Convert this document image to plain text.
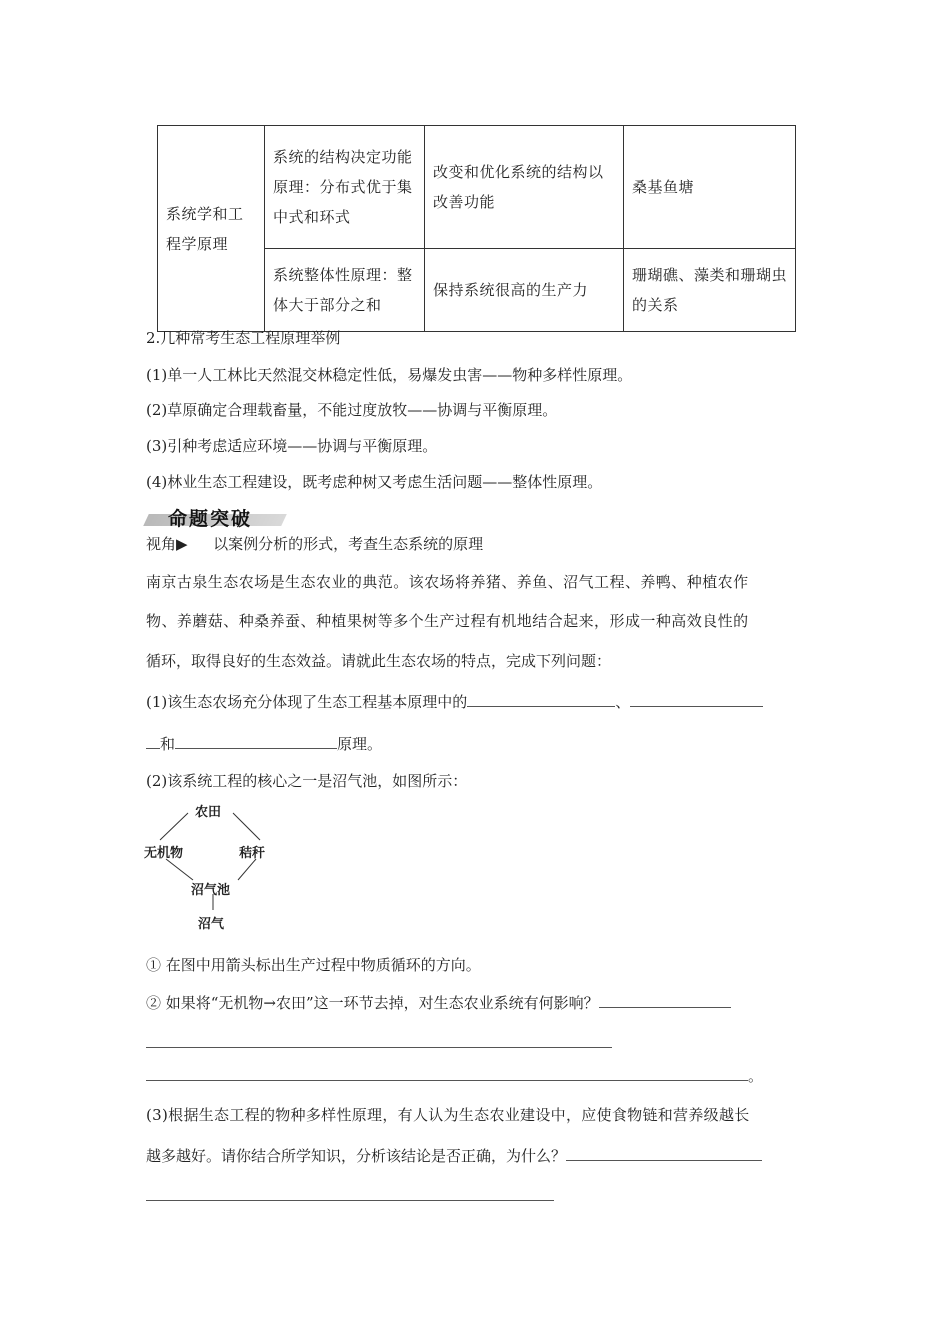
系统学和工程学原理	系统的结构决定功能原理：分布式优于集中式和环式	改变和优化系统的结构以改善功能	桑基鱼塘
	系统整体性原理：整体大于部分之和	保持系统很高的生产力	珊瑚礁、藻类和珊瑚虫的关系
2.几种常考生态工程原理举例
(1)单一人工林比天然混交林稳定性低，易爆发虫害——物种多样性原理。
(2)草原确定合理载畜量，不能过度放牧——协调与平衡原理。
(3)引种考虑适应环境——协调与平衡原理。
(4)林业生态工程建设，既考虑种树又考虑生活问题——整体性原理。
命题突破
视角▶ 以案例分析的形式，考查生态系统的原理
南京古泉生态农场是生态农业的典范。该农场将养猪、养鱼、沼气工程、养鸭、种植农作
物、养蘑菇、种桑养蚕、种植果树等多个生产过程有机地结合起来，形成一种高效良性的
循环，取得良好的生态效益。请就此生态农场的特点，完成下列问题：
(1)该生态农场充分体现了生态工程基本原理中的	、
和	原理。
(2)该系统工程的核心之一是沼气池，如图所示：
农田
无机物	秸秆
沼气池
沼气
① 在图中用箭头标出生产过程中物质循环的方向。
② 如果将“无机物→农田”这一环节去掉，对生态农业系统有何影响？
。
(3)根据生态工程的物种多样性原理，有人认为生态农业建设中，应使食物链和营养级越长
越多越好。请你结合所学知识，分析该结论是否正确，为什么？
